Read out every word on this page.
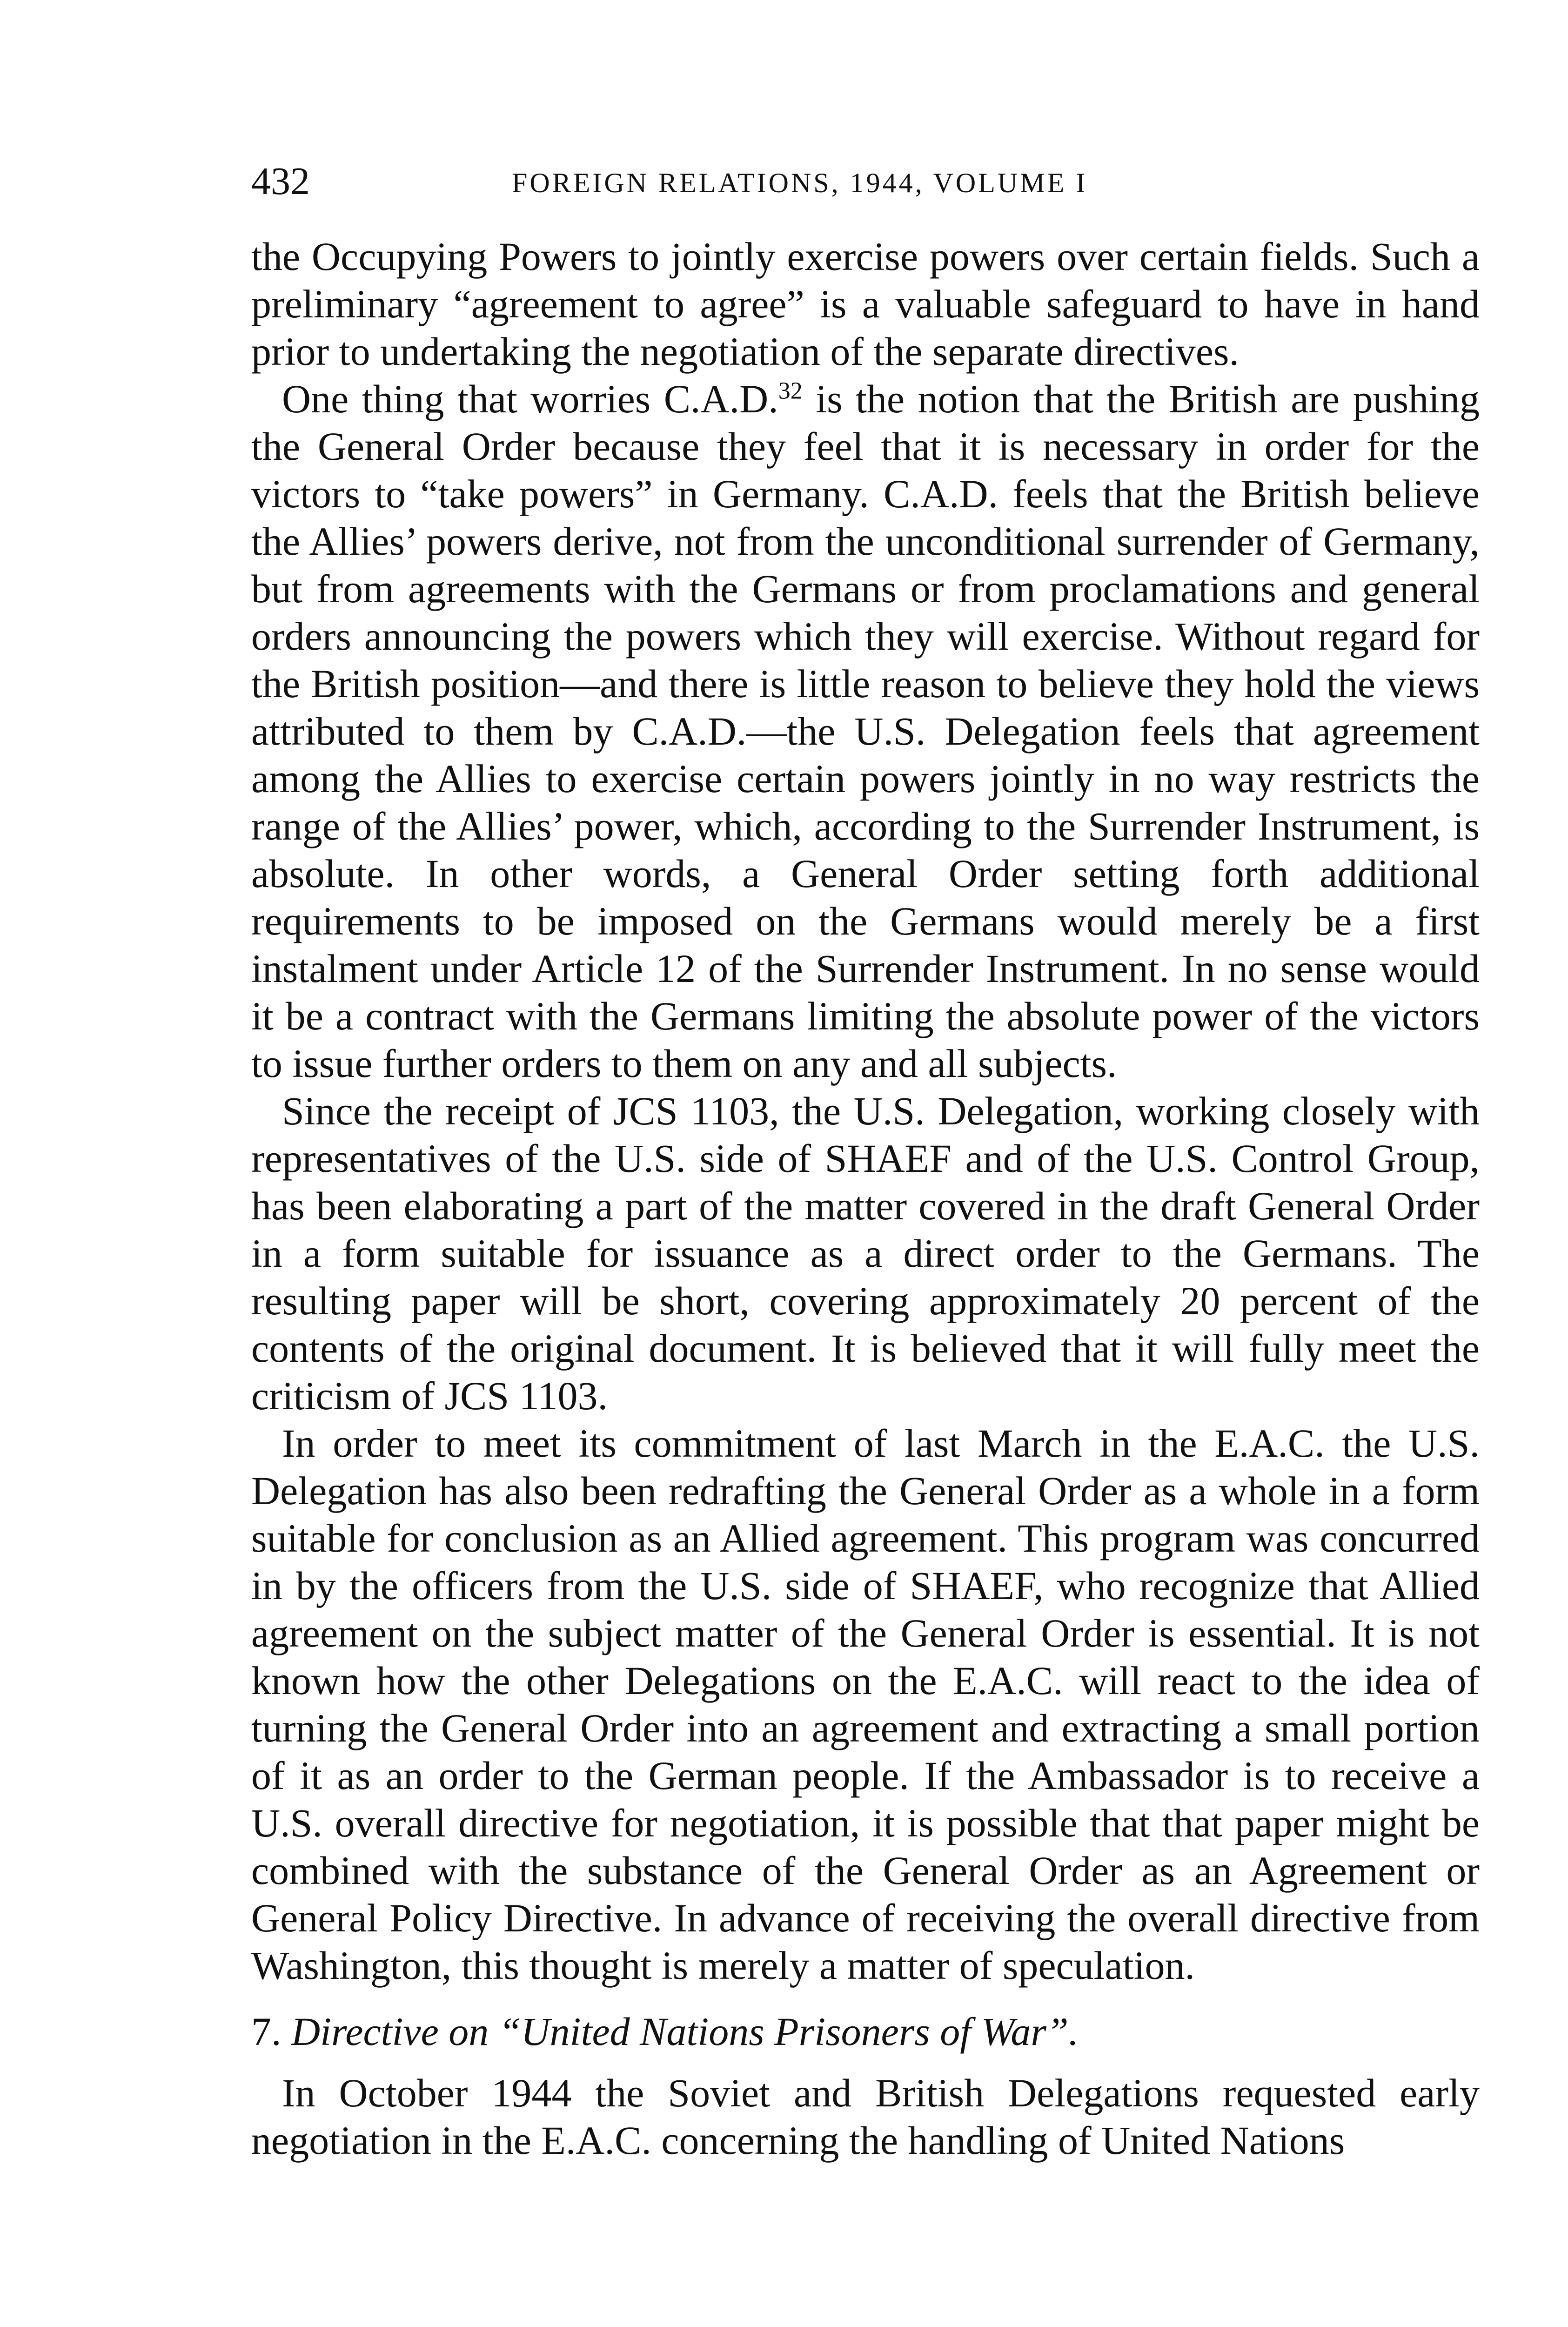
432	FOREIGN RELATIONS, 1944, VOLUME I

the Occupying Powers to jointly exercise powers over certain fields. Such a preliminary “agreement to agree” is a valuable safeguard to have in hand prior to undertaking the negotiation of the separate directives.

One thing that worries C.A.D.$^{32}$ is the notion that the British are pushing the General Order because they feel that it is necessary in order for the victors to “take powers” in Germany. C.A.D. feels that the British believe the Allies’ powers derive, not from the unconditional surrender of Germany, but from agreements with the Germans or from proclamations and general orders announcing the powers which they will exercise. Without regard for the British position—and there is little reason to believe they hold the views attributed to them by C.A.D.—the U.S. Delegation feels that agreement among the Allies to exercise certain powers jointly in no way restricts the range of the Allies’ power, which, according to the Surrender Instrument, is absolute. In other words, a General Order setting forth additional requirements to be imposed on the Germans would merely be a first instalment under Article 12 of the Surrender Instrument. In no sense would it be a contract with the Germans limiting the absolute power of the victors to issue further orders to them on any and all subjects.

Since the receipt of JCS 1103, the U.S. Delegation, working closely with representatives of the U.S. side of SHAEF and of the U.S. Control Group, has been elaborating a part of the matter covered in the draft General Order in a form suitable for issuance as a direct order to the Germans. The resulting paper will be short, covering approximately 20 percent of the contents of the original document. It is believed that it will fully meet the criticism of JCS 1103.

In order to meet its commitment of last March in the E.A.C. the U.S. Delegation has also been redrafting the General Order as a whole in a form suitable for conclusion as an Allied agreement. This program was concurred in by the officers from the U.S. side of SHAEF, who recognize that Allied agreement on the subject matter of the General Order is essential. It is not known how the other Delegations on the E.A.C. will react to the idea of turning the General Order into an agreement and extracting a small portion of it as an order to the German people. If the Ambassador is to receive a U.S. overall directive for negotiation, it is possible that that paper might be combined with the substance of the General Order as an Agreement or General Policy Directive. In advance of receiving the overall directive from Washington, this thought is merely a matter of speculation.

7. Directive on “United Nations Prisoners of War”.

In October 1944 the Soviet and British Delegations requested early negotiation in the E.A.C. concerning the handling of United Nations
